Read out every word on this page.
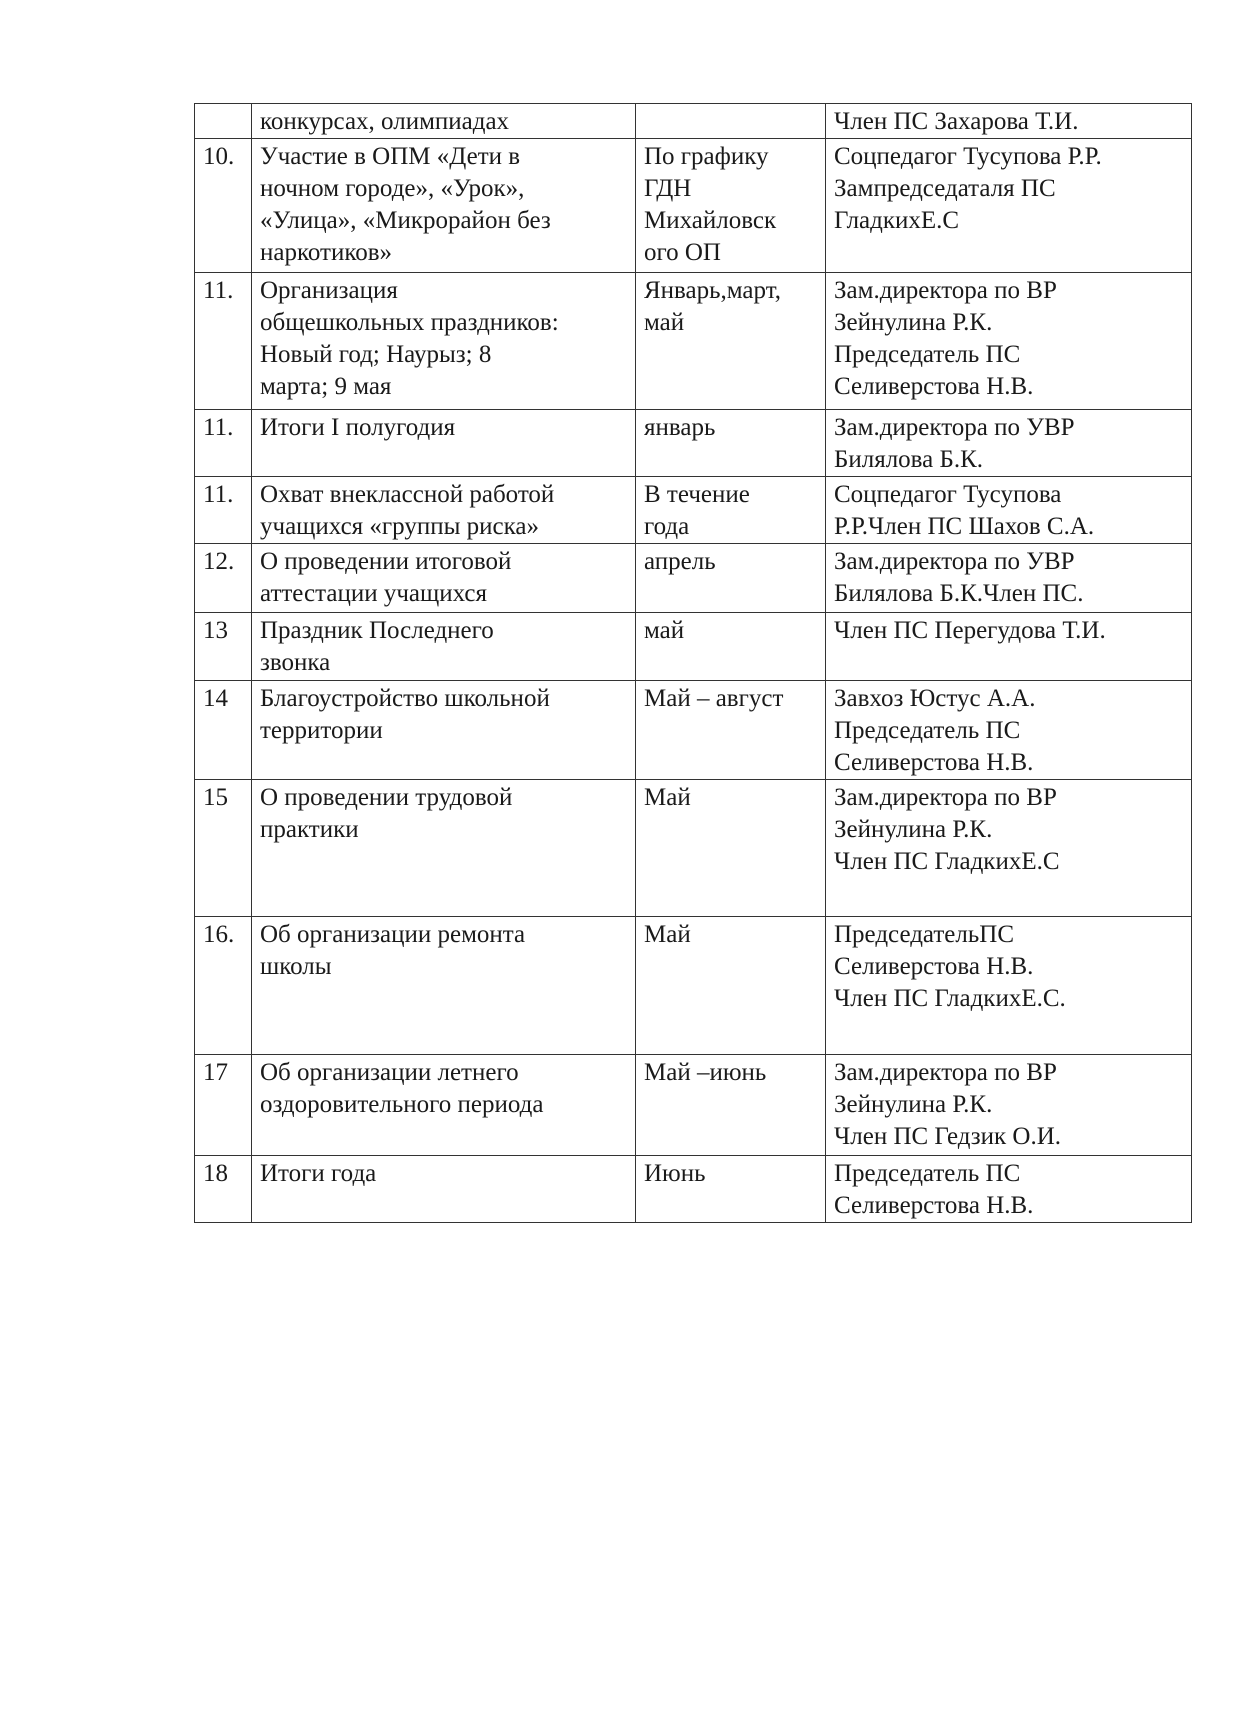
	конкурсах, олимпиадах		Член ПС Захарова Т.И.
10.	Участие в ОПМ «Дети в
ночном городе», «Урок»,
«Улица», «Микрорайон без
наркотиков»	По графику
ГДН
Михайловск
ого ОП	Соцпедагог Тусупова Р.Р.
Зампредседаталя ПС
ГладкихЕ.С
11.	Организация
общешкольных праздников:
Новый год; Наурыз; 8
марта; 9 мая	Январь,март,
май	Зам.директора по ВР
Зейнулина Р.К.
Председатель ПС
Селиверстова Н.В.
11.	Итоги I полугодия	январь	Зам.директора по УВР
Билялова Б.К.
11.	Охват внеклассной работой
учащихся «группы риска»	В течение
года	Соцпедагог Тусупова
Р.Р.Член ПС Шахов С.А.
12.	О проведении итоговой
аттестации учащихся	апрель	Зам.директора по УВР
Билялова Б.К.Член ПС.
13	Праздник Последнего
звонка	май	Член ПС Перегудова Т.И.
14	Благоустройство школьной
территории	Май – август	Завхоз Юстус А.А.
Председатель ПС
Селиверстова Н.В.
15	О проведении трудовой
практики	Май	Зам.директора по ВР
Зейнулина Р.К.
Член ПС ГладкихЕ.С
16.	Об организации ремонта
школы	Май	ПредседательПС
Селиверстова Н.В.
Член ПС ГладкихЕ.С.
17	Об организации летнего
оздоровительного периода	Май –июнь	Зам.директора по ВР
Зейнулина Р.К.
Член ПС Гедзик О.И.
18	Итоги года	Июнь	Председатель ПС
Селиверстова Н.В.
